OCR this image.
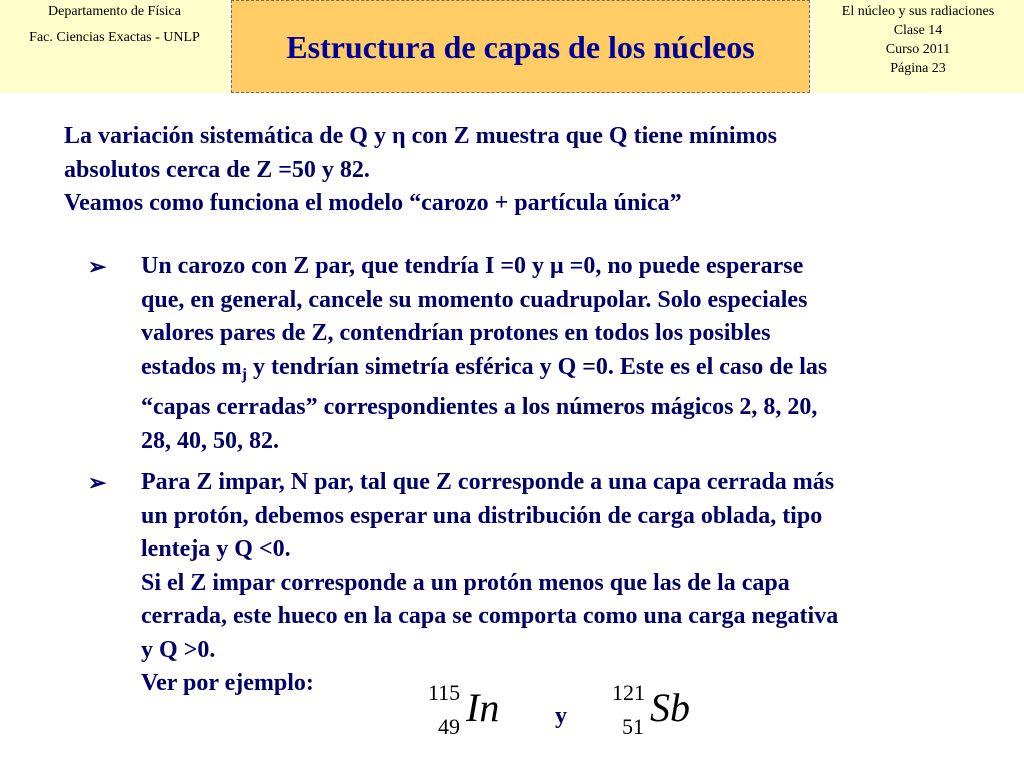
Departamento de Física
Fac. Ciencias Exactas - UNLP	Estructura de capas de los núcleos
El núcleo y sus radiaciones
Clase 14
Curso 2011
Página 23
La variación sistemática de Q y η con Z muestra que Q tiene mínimos
absolutos cerca de Z =50 y 82.
Veamos como funciona el modelo “carozo + partícula única”
➢ Un carozo con Z par, que tendría I =0 y μ =0, no puede esperarse
que, en general, cancele su momento cuadrupolar. Solo especiales
valores pares de Z, contendrían protones en todos los posibles
estados $m_j$ y tendrían simetría esférica y Q =0. Este es el caso de las
“capas cerradas” correspondientes a los números mágicos 2, 8, 20,
28, 40, 50, 82.
➢ Para Z impar, N par, tal que Z corresponde a una capa cerrada más
un protón, debemos esperar una distribución de carga oblada, tipo
lenteja y Q <0.
Si el Z impar corresponde a un protón menos que las de la capa
cerrada, este hueco en la capa se comporta como una carga negativa
y Q >0.
Ver por ejemplo:	115
49 In y
121
51 Sb
